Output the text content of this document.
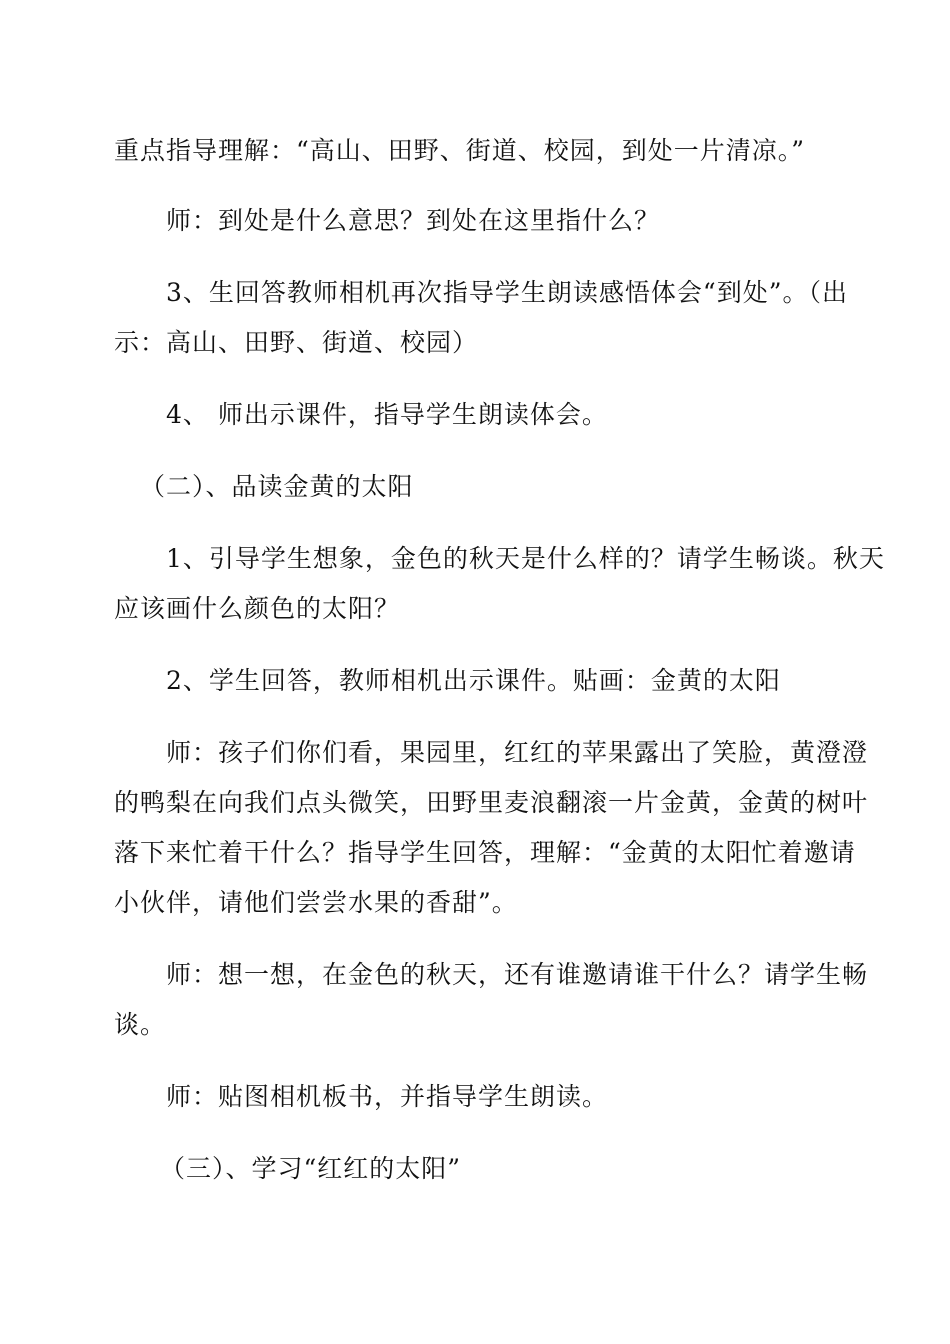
重点指导理解：“高山、田野、街道、校园，到处一片清凉。”
师：到处是什么意思？到处在这里指什么？
3、生回答教师相机再次指导学生朗读感悟体会“到处”。（出
示：高山、田野、街道、校园）
4、 师出示课件，指导学生朗读体会。
（二）、品读金黄的太阳
1、引导学生想象，金色的秋天是什么样的？请学生畅谈。秋天
应该画什么颜色的太阳？
2、学生回答，教师相机出示课件。贴画：金黄的太阳
师：孩子们你们看，果园里，红红的苹果露出了笑脸，黄澄澄
的鸭梨在向我们点头微笑，田野里麦浪翻滚一片金黄，金黄的树叶
落下来忙着干什么？指导学生回答，理解：“金黄的太阳忙着邀请
小伙伴，请他们尝尝水果的香甜”。
师：想一想，在金色的秋天，还有谁邀请谁干什么？请学生畅
谈。
师：贴图相机板书，并指导学生朗读。
（三）、学习“红红的太阳”
